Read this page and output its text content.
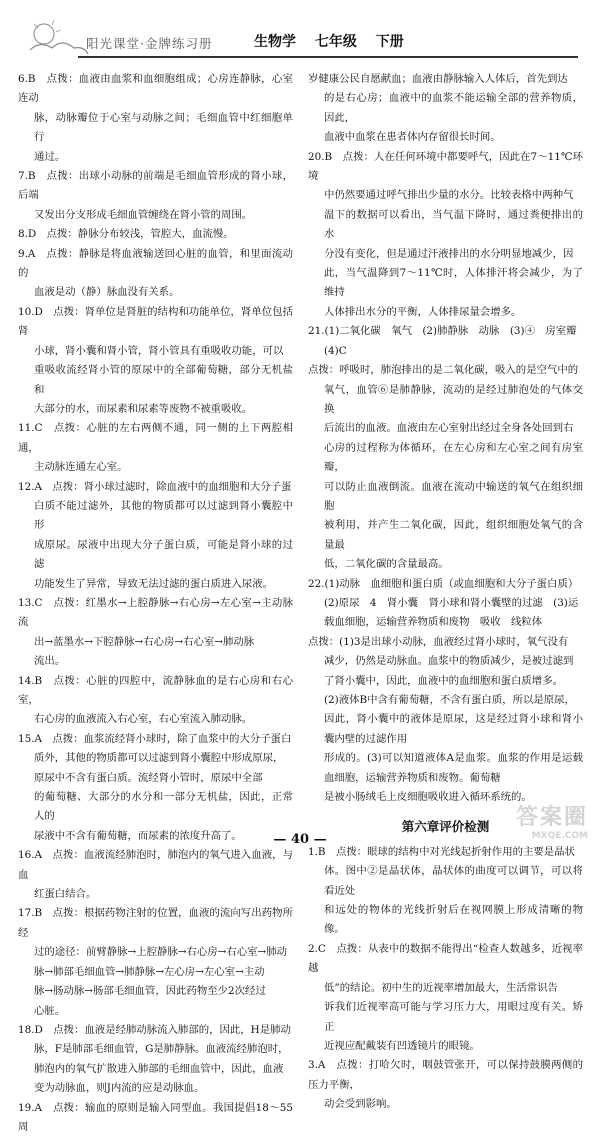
阳光课堂·金牌练习册	生物学 七年级 下册
6.B　点拨：血液由血浆和血细胞组成；心房连静脉，心室连动
脉，动脉瓣位于心室与动脉之间；毛细血管中红细胞单行
通过。
7.B　点拨：出球小动脉的前端是毛细血管形成的肾小球，后端
又发出分支形成毛细血管缠绕在肾小管的周围。
8.D　点拨：静脉分布较浅，管腔大，血流慢。
9.A　点拨：静脉是将血液输送回心脏的血管，和里面流动的
血液是动（静）脉血没有关系。
10.D　点拨：肾单位是肾脏的结构和功能单位，肾单位包括肾
小球，肾小囊和肾小管，肾小管具有重吸收功能，可以
重吸收流经肾小管的原尿中的全部葡萄糖，部分无机盐和
大部分的水，而尿素和尿素等废物不被重吸收。
11.C　点拨：心脏的左右两侧不通，同一侧的上下两腔相通，
主动脉连通左心室。
12.A　点拨：肾小球过滤时，除血液中的血细胞和大分子蛋
白质不能过滤外，其他的物质都可以过滤到肾小囊腔中形
成原尿。尿液中出现大分子蛋白质，可能是肾小球的过滤
功能发生了异常，导致无法过滤的蛋白质进入尿液。
13.C　点拨：红墨水→上腔静脉→右心房→左心室→主动脉流
出→蓝墨水→下腔静脉→右心房→右心室→肺动脉
流出。
14.B　点拨：心脏的四腔中，流静脉血的是右心房和右心室，
右心房的血液流入右心室，右心室流入肺动脉。
15.A　点拨：血浆流经肾小球时，除了血浆中的大分子蛋白
质外，其他的物质都可以过滤到肾小囊腔中形成原尿，
原尿中不含有蛋白质。流经肾小管时，原尿中全部
的葡萄糖、大部分的水分和一部分无机盐，因此，正常人的
尿液中不含有葡萄糖，而尿素的浓度升高了。
16.A　点拨：血液流经肺泡时，肺泡内的氧气进入血液，与血
红蛋白结合。
17.B　点拨：根据药物注射的位置，血液的流向写出药物所经
过的途径：前臂静脉→上腔静脉→右心房→右心室→肺动
脉→肺部毛细血管→肺静脉→左心房→左心室→主动
脉→肠动脉→肠部毛细血管，因此药物至少2次经过
心脏。
18.D　点拨：血液是经肺动脉流入肺部的，因此，H是肺动
脉，F是肺部毛细血管，G是肺静脉。血液流经肺泡时，
肺泡内的氧气扩散进入肺部的毛细血管中，因此，血液
变为动脉血，则J内流的应是动脉血。
19.A　点拨：输血的原则是输入同型血。我国提倡18～55周
岁健康公民自愿献血；血液由静脉输入人体后，首先到达
的是右心房；血液中的血浆不能运输全部的营养物质，因此，
血液中血浆在患者体内存留很长时间。
20.B　点拨：人在任何环境中都要呼气，因此在7～11℃环境
中仍然要通过呼气排出少量的水分。比较表格中两种气
温下的数据可以看出，当气温下降时，通过粪便排出的水
分没有变化，但是通过汗液排出的水分明显地减少，因
此，当气温降到7～11℃时，人体排汗将会减少，为了维持
人体排出水分的平衡，人体排尿量会增多。
21.(1)二氧化碳　氧气　(2)肺静脉　动脉　(3)④　房室瓣
(4)C
点拨：呼吸时，肺泡排出的是二氧化碳，吸入的是空气中的
氧气，血管⑥是肺静脉，流动的是经过肺泡处的气体交换
后流出的血液。血液由左心室射出经过全身各处回到右
心房的过程称为体循环，在左心房和左心室之间有房室瓣，
可以防止血液倒流。血液在流动中输送的氧气在组织细胞
被利用，并产生二氧化碳，因此，组织细胞处氧气的含量最
低，二氧化碳的含量最高。
22.(1)动脉　血细胞和蛋白质（或血细胞和大分子蛋白质）
(2)原尿　4　肾小囊　肾小球和肾小囊壁的过滤　(3)运
载血细胞，运输营养物质和废物　吸收　线粒体
点拨：(1)3是出球小动脉，血液经过肾小球时，氧气没有
减少，仍然是动脉血。血浆中的物质减少，是被过滤到
了肾小囊中，因此，血液中的血细胞和蛋白质增多。
(2)液体B中含有葡萄糖，不含有蛋白质，所以是原尿，
因此，肾小囊中的液体是原尿，这是经过肾小球和肾小囊内壁的过滤作用
形成的。(3)可以知道液体A是血浆。血浆的作用是运载血细胞，运输营养物质和废物。葡萄糖
是被小肠绒毛上皮细胞吸收进入循环系统的。
第六章评价检测
1.B　点拨：眼球的结构中对光线起折射作用的主要是晶状
体。图中②是晶状体，晶状体的曲度可以调节，可以将看近处
和远处的物体的光线折射后在视网膜上形成清晰的物像。
2.C　点拨：从表中的数据不能得出“检查人数越多，近视率越
低”的结论。初中生的近视率增加最大，生活常识告
诉我们近视率高可能与学习压力大，用眼过度有关。矫正
近视应配戴装有凹透镜片的眼镜。
3.A　点拨：打哈欠时，咽鼓管张开，可以保持鼓膜两侧的压力平衡，
动会受到影响。
— 40 —
答案圈
MXQE.COM
